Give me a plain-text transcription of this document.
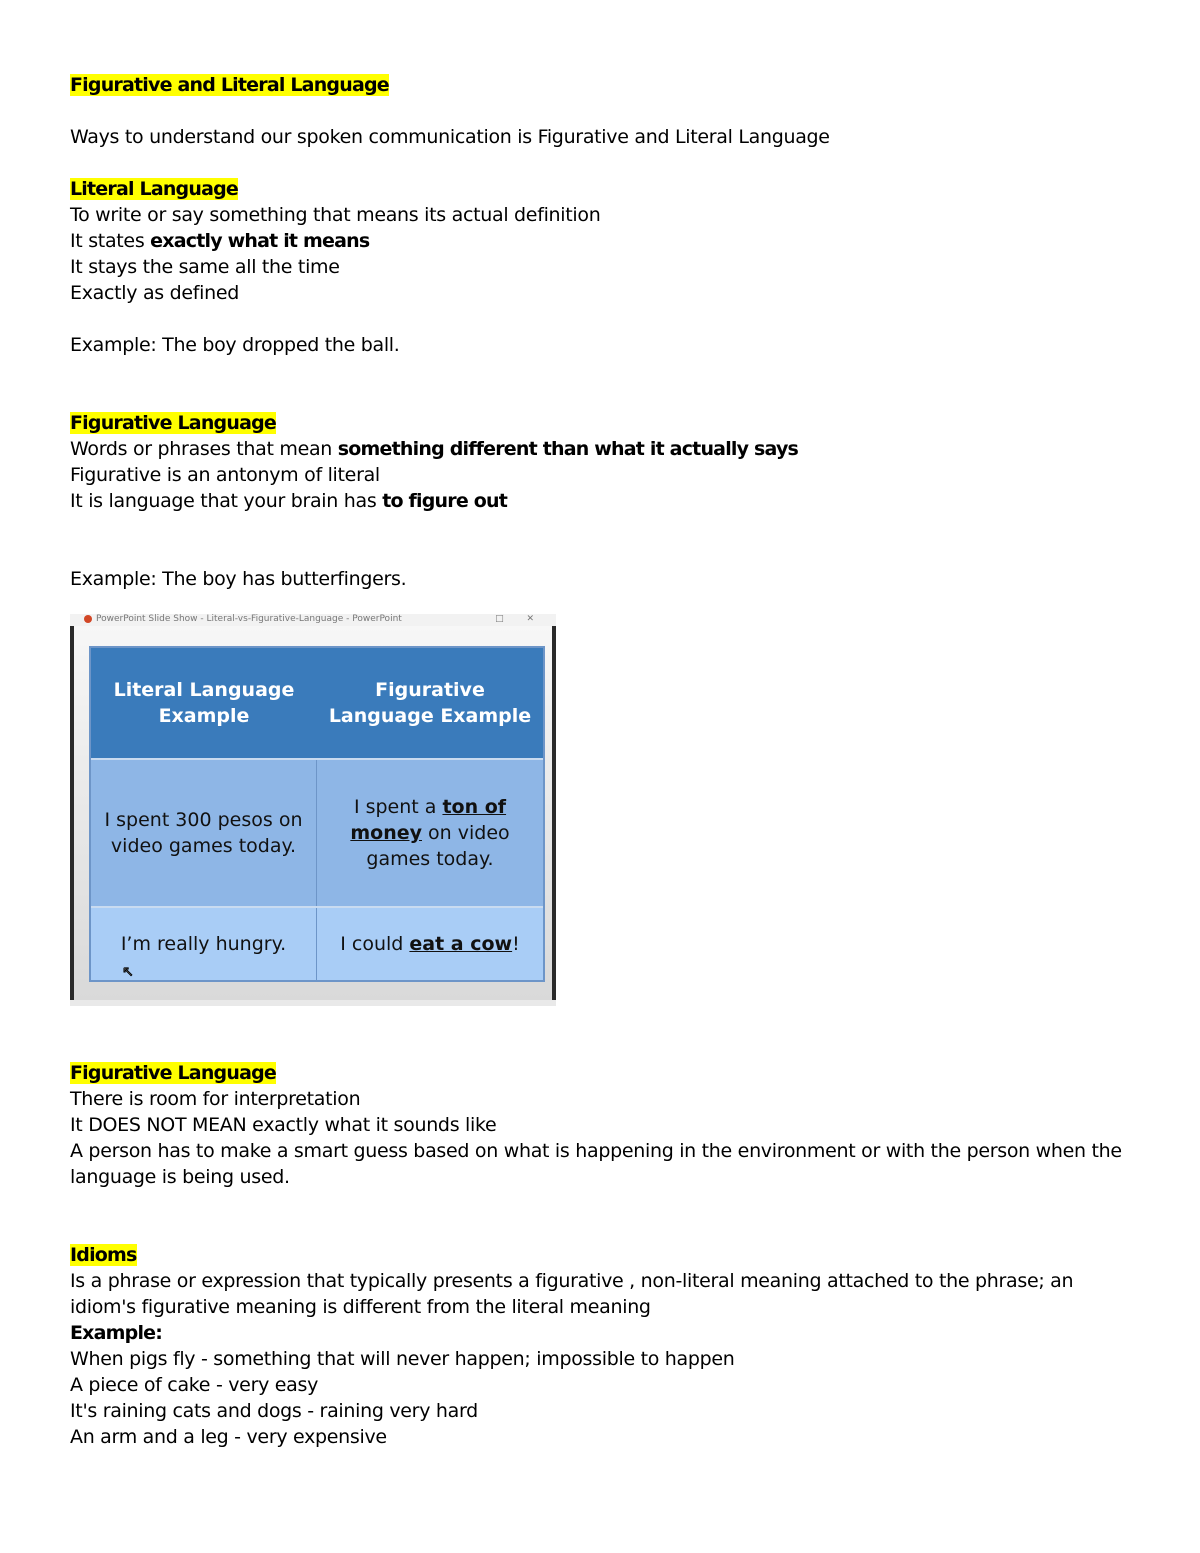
Figurative and Literal Language
Ways to understand our spoken communication is Figurative and Literal Language
Literal Language
To write or say something that means its actual definition
It states exactly what it means
It stays the same all the time
Exactly as defined
Example: The boy dropped the ball.
Figurative Language
Words or phrases that mean something different than what it actually says
Figurative is an antonym of literal
It is language that your brain has to figure out
Example: The boy has butterfingers.
PowerPoint Slide Show - Literal-vs-Figurative-Language - PowerPoint	□ ✕
Literal Language Example
Figurative Language Example
I spent 300 pesos on video games today.
I spent a ton of money on video games today.
I’m really hungry.	I could eat a cow!
↖
Figurative Language
There is room for interpretation
It DOES NOT MEAN exactly what it sounds like
A person has to make a smart guess based on what is happening in the environment or with the person when the language is being used.
Idioms
Is a phrase or expression that typically presents a figurative , non-literal meaning attached to the phrase; an idiom's figurative meaning is different from the literal meaning
Example:
When pigs fly - something that will never happen; impossible to happen
A piece of cake - very easy
It's raining cats and dogs - raining very hard
An arm and a leg - very expensive
